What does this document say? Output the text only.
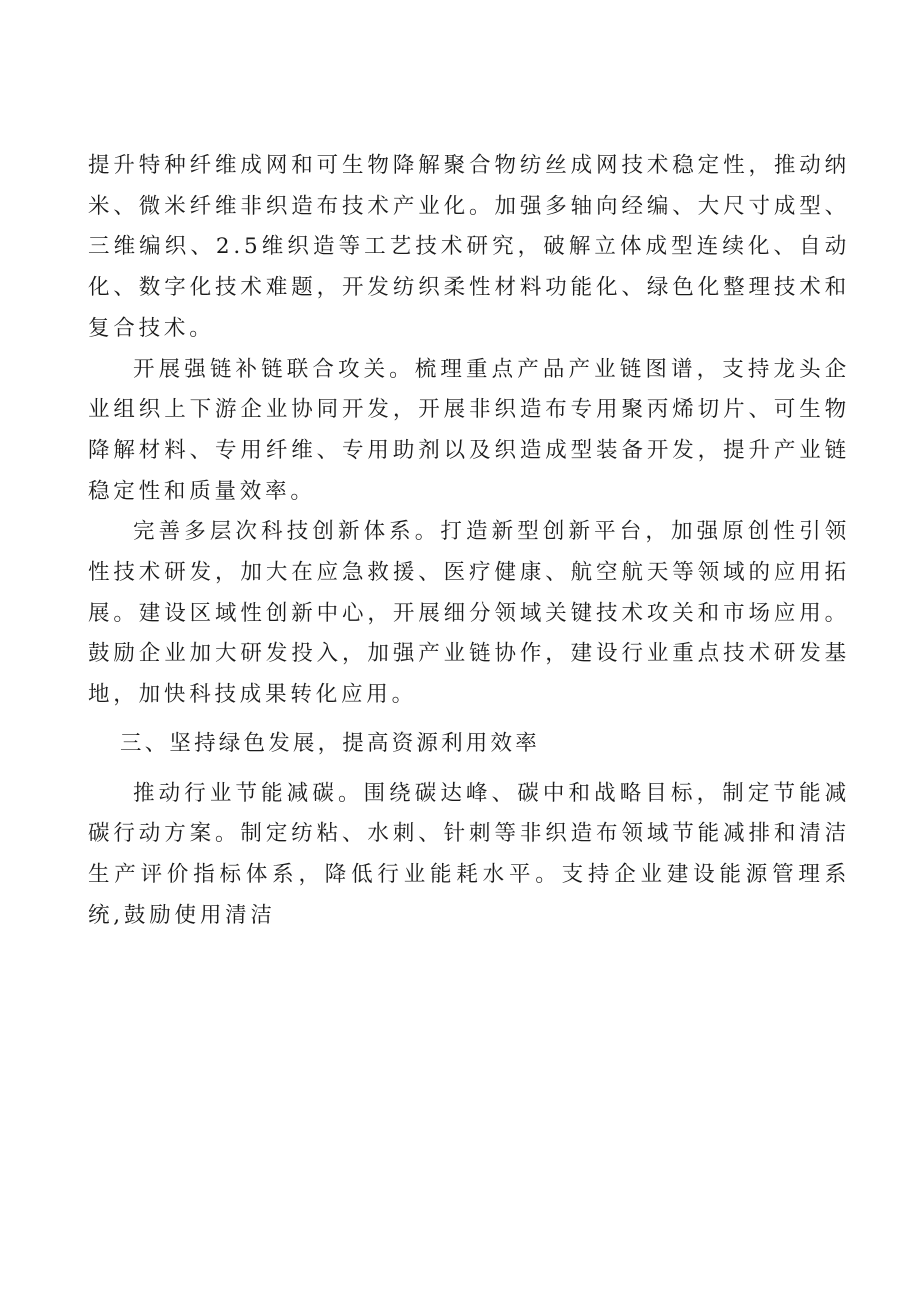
提升特种纤维成网和可生物降解聚合物纺丝成网技术稳定性，推动纳米、微米纤维非织造布技术产业化。加强多轴向经编、大尺寸成型、三维编织、2.5维织造等工艺技术研究，破解立体成型连续化、自动化、数字化技术难题，开发纺织柔性材料功能化、绿色化整理技术和复合技术。

开展强链补链联合攻关。梳理重点产品产业链图谱，支持龙头企业组织上下游企业协同开发，开展非织造布专用聚丙烯切片、可生物降解材料、专用纤维、专用助剂以及织造成型装备开发，提升产业链稳定性和质量效率。

完善多层次科技创新体系。打造新型创新平台，加强原创性引领性技术研发，加大在应急救援、医疗健康、航空航天等领域的应用拓展。建设区域性创新中心，开展细分领域关键技术攻关和市场应用。鼓励企业加大研发投入，加强产业链协作，建设行业重点技术研发基地，加快科技成果转化应用。

三、坚持绿色发展，提高资源利用效率

推动行业节能减碳。围绕碳达峰、碳中和战略目标，制定节能减碳行动方案。制定纺粘、水刺、针刺等非织造布领域节能减排和清洁生产评价指标体系，降低行业能耗水平。支持企业建设能源管理系统,鼓励使用清洁
